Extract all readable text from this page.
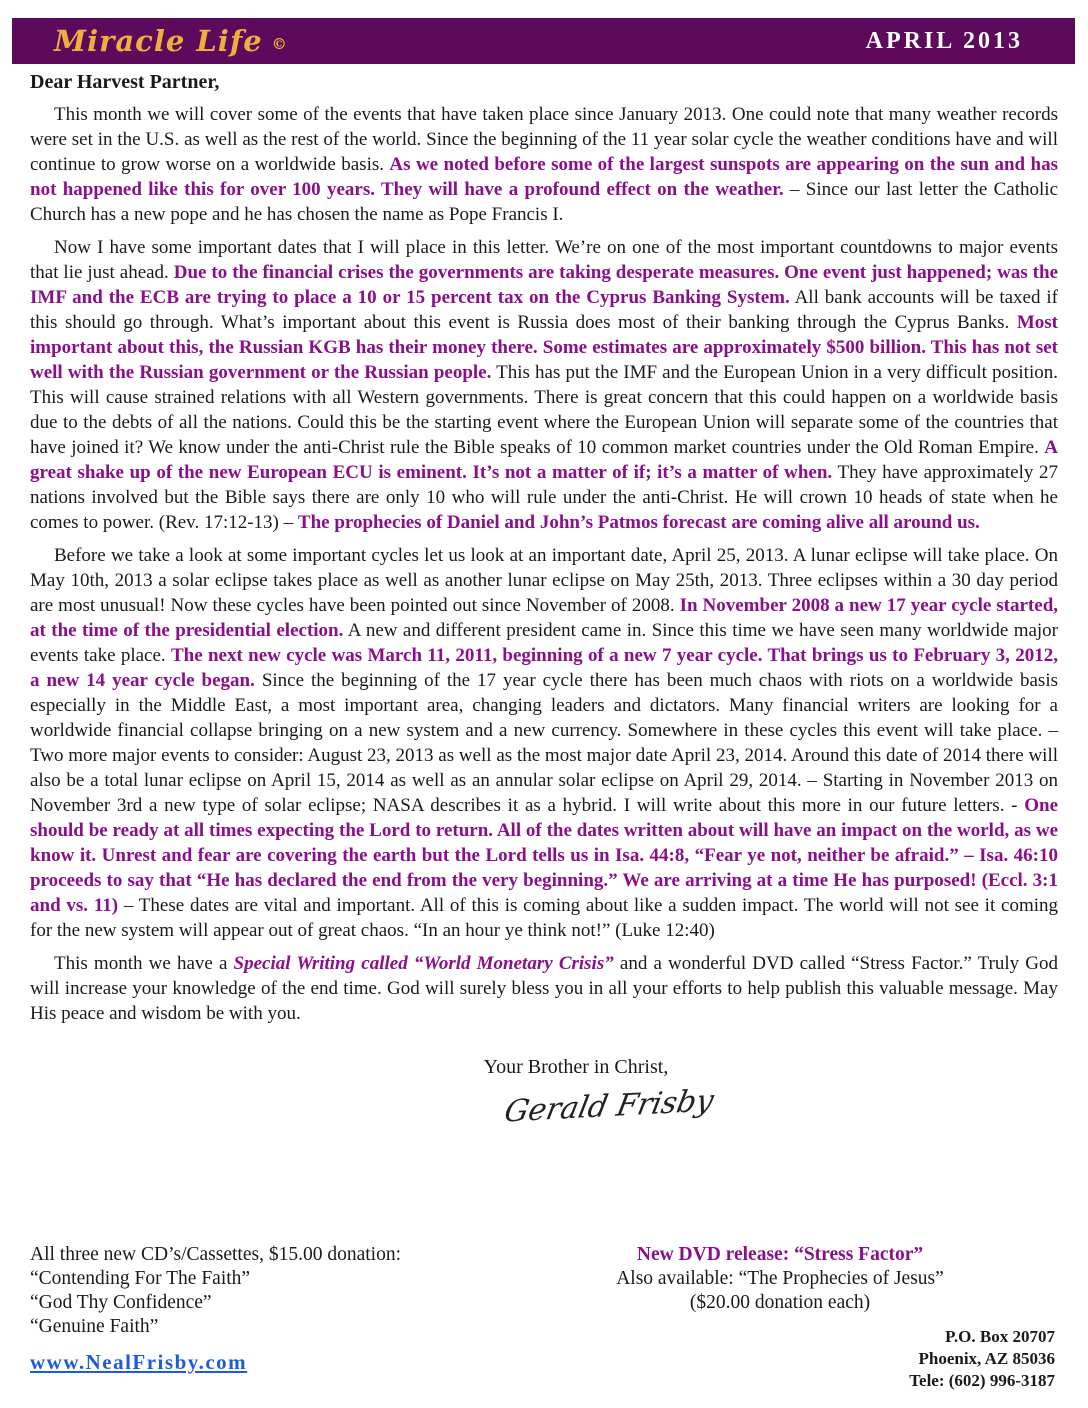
Miracle Life ©	APRIL 2013
Dear Harvest Partner,

This month we will cover some of the events that have taken place since January 2013. One could note that many weather records were set in the U.S. as well as the rest of the world. Since the beginning of the 11 year solar cycle the weather conditions have and will continue to grow worse on a worldwide basis. As we noted before some of the largest sunspots are appearing on the sun and has not happened like this for over 100 years. They will have a profound effect on the weather. – Since our last letter the Catholic Church has a new pope and he has chosen the name as Pope Francis I.

Now I have some important dates that I will place in this letter. We’re on one of the most important countdowns to major events that lie just ahead. Due to the financial crises the governments are taking desperate measures. One event just happened; was the IMF and the ECB are trying to place a 10 or 15 percent tax on the Cyprus Banking System. All bank accounts will be taxed if this should go through. What’s important about this event is Russia does most of their banking through the Cyprus Banks. Most important about this, the Russian KGB has their money there. Some estimates are approximately $500 billion. This has not set well with the Russian government or the Russian people. This has put the IMF and the European Union in a very difficult position. This will cause strained relations with all Western governments. There is great concern that this could happen on a worldwide basis due to the debts of all the nations. Could this be the starting event where the European Union will separate some of the countries that have joined it? We know under the anti-Christ rule the Bible speaks of 10 common market countries under the Old Roman Empire. A great shake up of the new European ECU is eminent. It’s not a matter of if; it’s a matter of when. They have approximately 27 nations involved but the Bible says there are only 10 who will rule under the anti-Christ. He will crown 10 heads of state when he comes to power. (Rev. 17:12-13) – The prophecies of Daniel and John’s Patmos forecast are coming alive all around us.

Before we take a look at some important cycles let us look at an important date, April 25, 2013. A lunar eclipse will take place. On May 10th, 2013 a solar eclipse takes place as well as another lunar eclipse on May 25th, 2013. Three eclipses within a 30 day period are most unusual! Now these cycles have been pointed out since November of 2008. In November 2008 a new 17 year cycle started, at the time of the presidential election. A new and different president came in. Since this time we have seen many worldwide major events take place. The next new cycle was March 11, 2011, beginning of a new 7 year cycle. That brings us to February 3, 2012, a new 14 year cycle began. Since the beginning of the 17 year cycle there has been much chaos with riots on a worldwide basis especially in the Middle East, a most important area, changing leaders and dictators. Many financial writers are looking for a worldwide financial collapse bringing on a new system and a new currency. Somewhere in these cycles this event will take place. – Two more major events to consider: August 23, 2013 as well as the most major date April 23, 2014. Around this date of 2014 there will also be a total lunar eclipse on April 15, 2014 as well as an annular solar eclipse on April 29, 2014. – Starting in November 2013 on November 3rd a new type of solar eclipse; NASA describes it as a hybrid. I will write about this more in our future letters. - One should be ready at all times expecting the Lord to return. All of the dates written about will have an impact on the world, as we know it. Unrest and fear are covering the earth but the Lord tells us in Isa. 44:8, “Fear ye not, neither be afraid.” – Isa. 46:10 proceeds to say that “He has declared the end from the very beginning.” We are arriving at a time He has purposed! (Eccl. 3:1 and vs. 11) – These dates are vital and important. All of this is coming about like a sudden impact. The world will not see it coming for the new system will appear out of great chaos. “In an hour ye think not!” (Luke 12:40)

This month we have a Special Writing called “World Monetary Crisis” and a wonderful DVD called “Stress Factor.” Truly God will increase your knowledge of the end time. God will surely bless you in all your efforts to help publish this valuable message. May His peace and wisdom be with you.

Your Brother in Christ,
Gerald Frisby
All three new CD’s/Cassettes, $15.00 donation:
“Contending For The Faith”
“God Thy Confidence”
“Genuine Faith”
New DVD release: “Stress Factor”
Also available: “The Prophecies of Jesus”
($20.00 donation each)
www.NealFrisby.com
P.O. Box 20707
Phoenix, AZ 85036
Tele: (602) 996-3187
